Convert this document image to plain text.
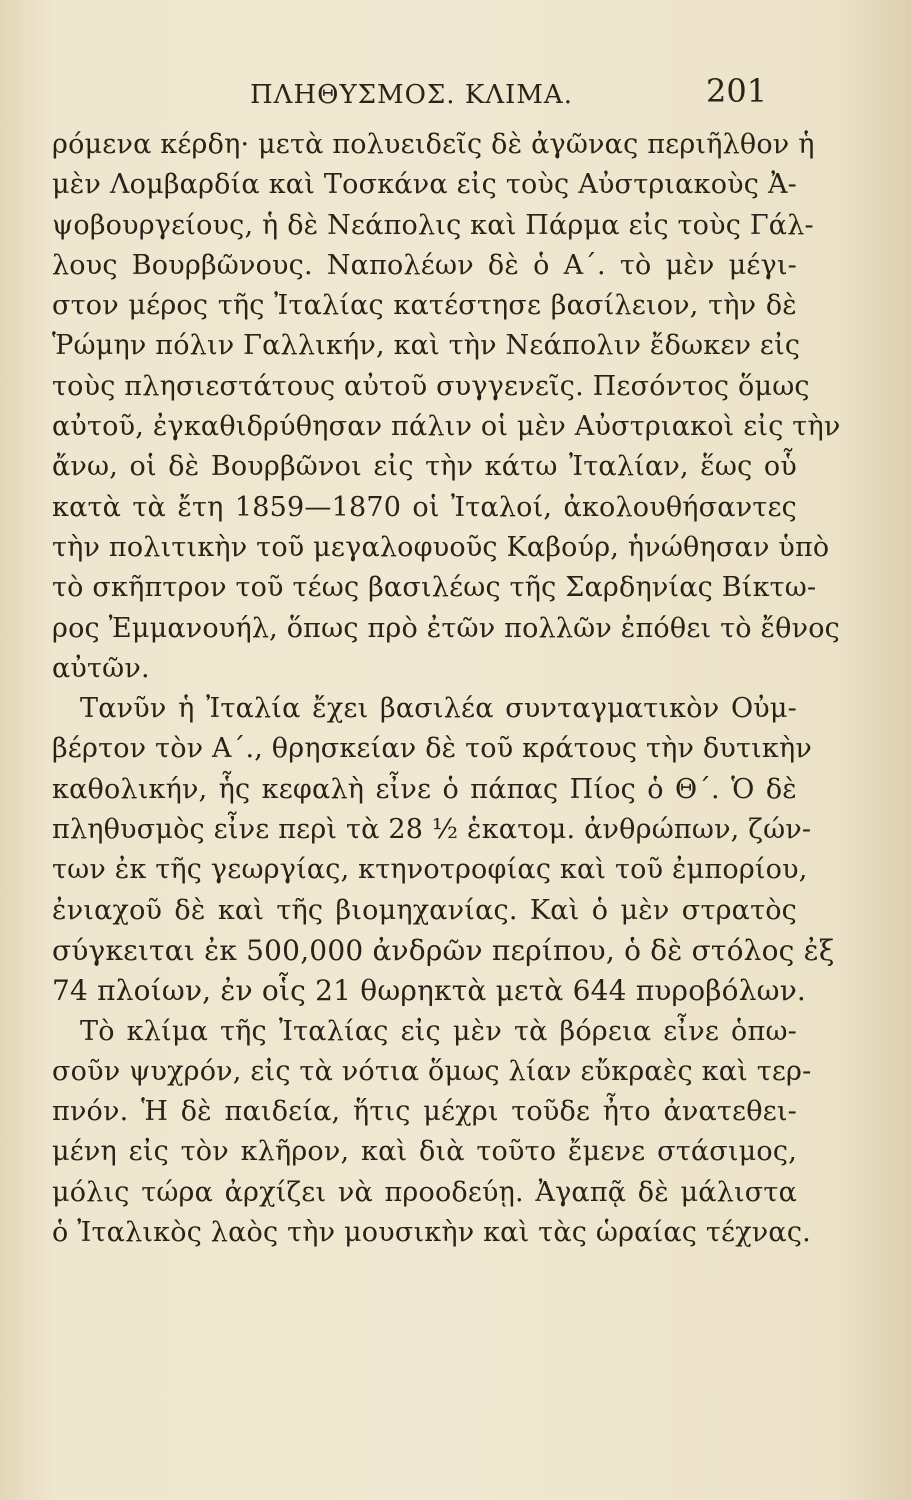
ΠΛΗΘΥΣΜΟΣ. ΚΛΙΜΑ.	201
ρόμενα κέρδη· μετὰ πολυειδεῖς δὲ ἀγῶνας περιῆλθον ἡ
μὲν Λομβαρδία καὶ Τοσκάνα εἰς τοὺς Αὐστριακοὺς Ἀ-
ψοβουργείους, ἡ δὲ Νεάπολις καὶ Πάρμα εἰς τοὺς Γάλ-
λους Βουρβῶνους. Ναπολέων δὲ ὁ Α΄. τὸ μὲν μέγι-
στον μέρος τῆς Ἰταλίας κατέστησε βασίλειον, τὴν δὲ
Ῥώμην πόλιν Γαλλικήν, καὶ τὴν Νεάπολιν ἔδωκεν εἰς
τοὺς πλησιεστάτους αὐτοῦ συγγενεῖς. Πεσόντος ὅμως
αὐτοῦ, ἐγκαθιδρύθησαν πάλιν οἱ μὲν Αὐστριακοὶ εἰς τὴν
ἄνω, οἱ δὲ Βουρβῶνοι εἰς τὴν κάτω Ἰταλίαν, ἕως οὗ
κατὰ τὰ ἔτη 1859—1870 οἱ Ἰταλοί, ἀκολουθήσαντες
τὴν πολιτικὴν τοῦ μεγαλοφυοῦς Καβούρ, ἡνώθησαν ὑπὸ
τὸ σκῆπτρον τοῦ τέως βασιλέως τῆς Σαρδηνίας Βίκτω-
ρος Ἐμμανουήλ, ὅπως πρὸ ἐτῶν πολλῶν ἐπόθει τὸ ἔθνος
αὐτῶν.
Τανῦν ἡ Ἰταλία ἔχει βασιλέα συνταγματικὸν Οὐμ-
βέρτον τὸν Α΄., θρησκείαν δὲ τοῦ κράτους τὴν δυτικὴν
καθολικήν, ἧς κεφαλὴ εἶνε ὁ πάπας Πίος ὁ Θ΄. Ὁ δὲ
πληθυσμὸς εἶνε περὶ τὰ 28 ½ ἑκατομ. ἀνθρώπων, ζών-
των ἐκ τῆς γεωργίας, κτηνοτροφίας καὶ τοῦ ἐμπορίου,
ἐνιαχοῦ δὲ καὶ τῆς βιομηχανίας. Καὶ ὁ μὲν στρατὸς
σύγκειται ἐκ 500,000 ἀνδρῶν περίπου, ὁ δὲ στόλος ἐξ
74 πλοίων, ἐν οἷς 21 θωρηκτὰ μετὰ 644 πυροβόλων.
Τὸ κλίμα τῆς Ἰταλίας εἰς μὲν τὰ βόρεια εἶνε ὁπω-
σοῦν ψυχρόν, εἰς τὰ νότια ὅμως λίαν εὔκραὲς καὶ τερ-
πνόν. Ἡ δὲ παιδεία, ἥτις μέχρι τοῦδε ἦτο ἀνατεθει-
μένη εἰς τὸν κλῆρον, καὶ διὰ τοῦτο ἔμενε στάσιμος,
μόλις τώρα ἀρχίζει νὰ προοδεύῃ. Ἀγαπᾷ δὲ μάλιστα
ὁ Ἰταλικὸς λαὸς τὴν μουσικὴν καὶ τὰς ὡραίας τέχνας.
